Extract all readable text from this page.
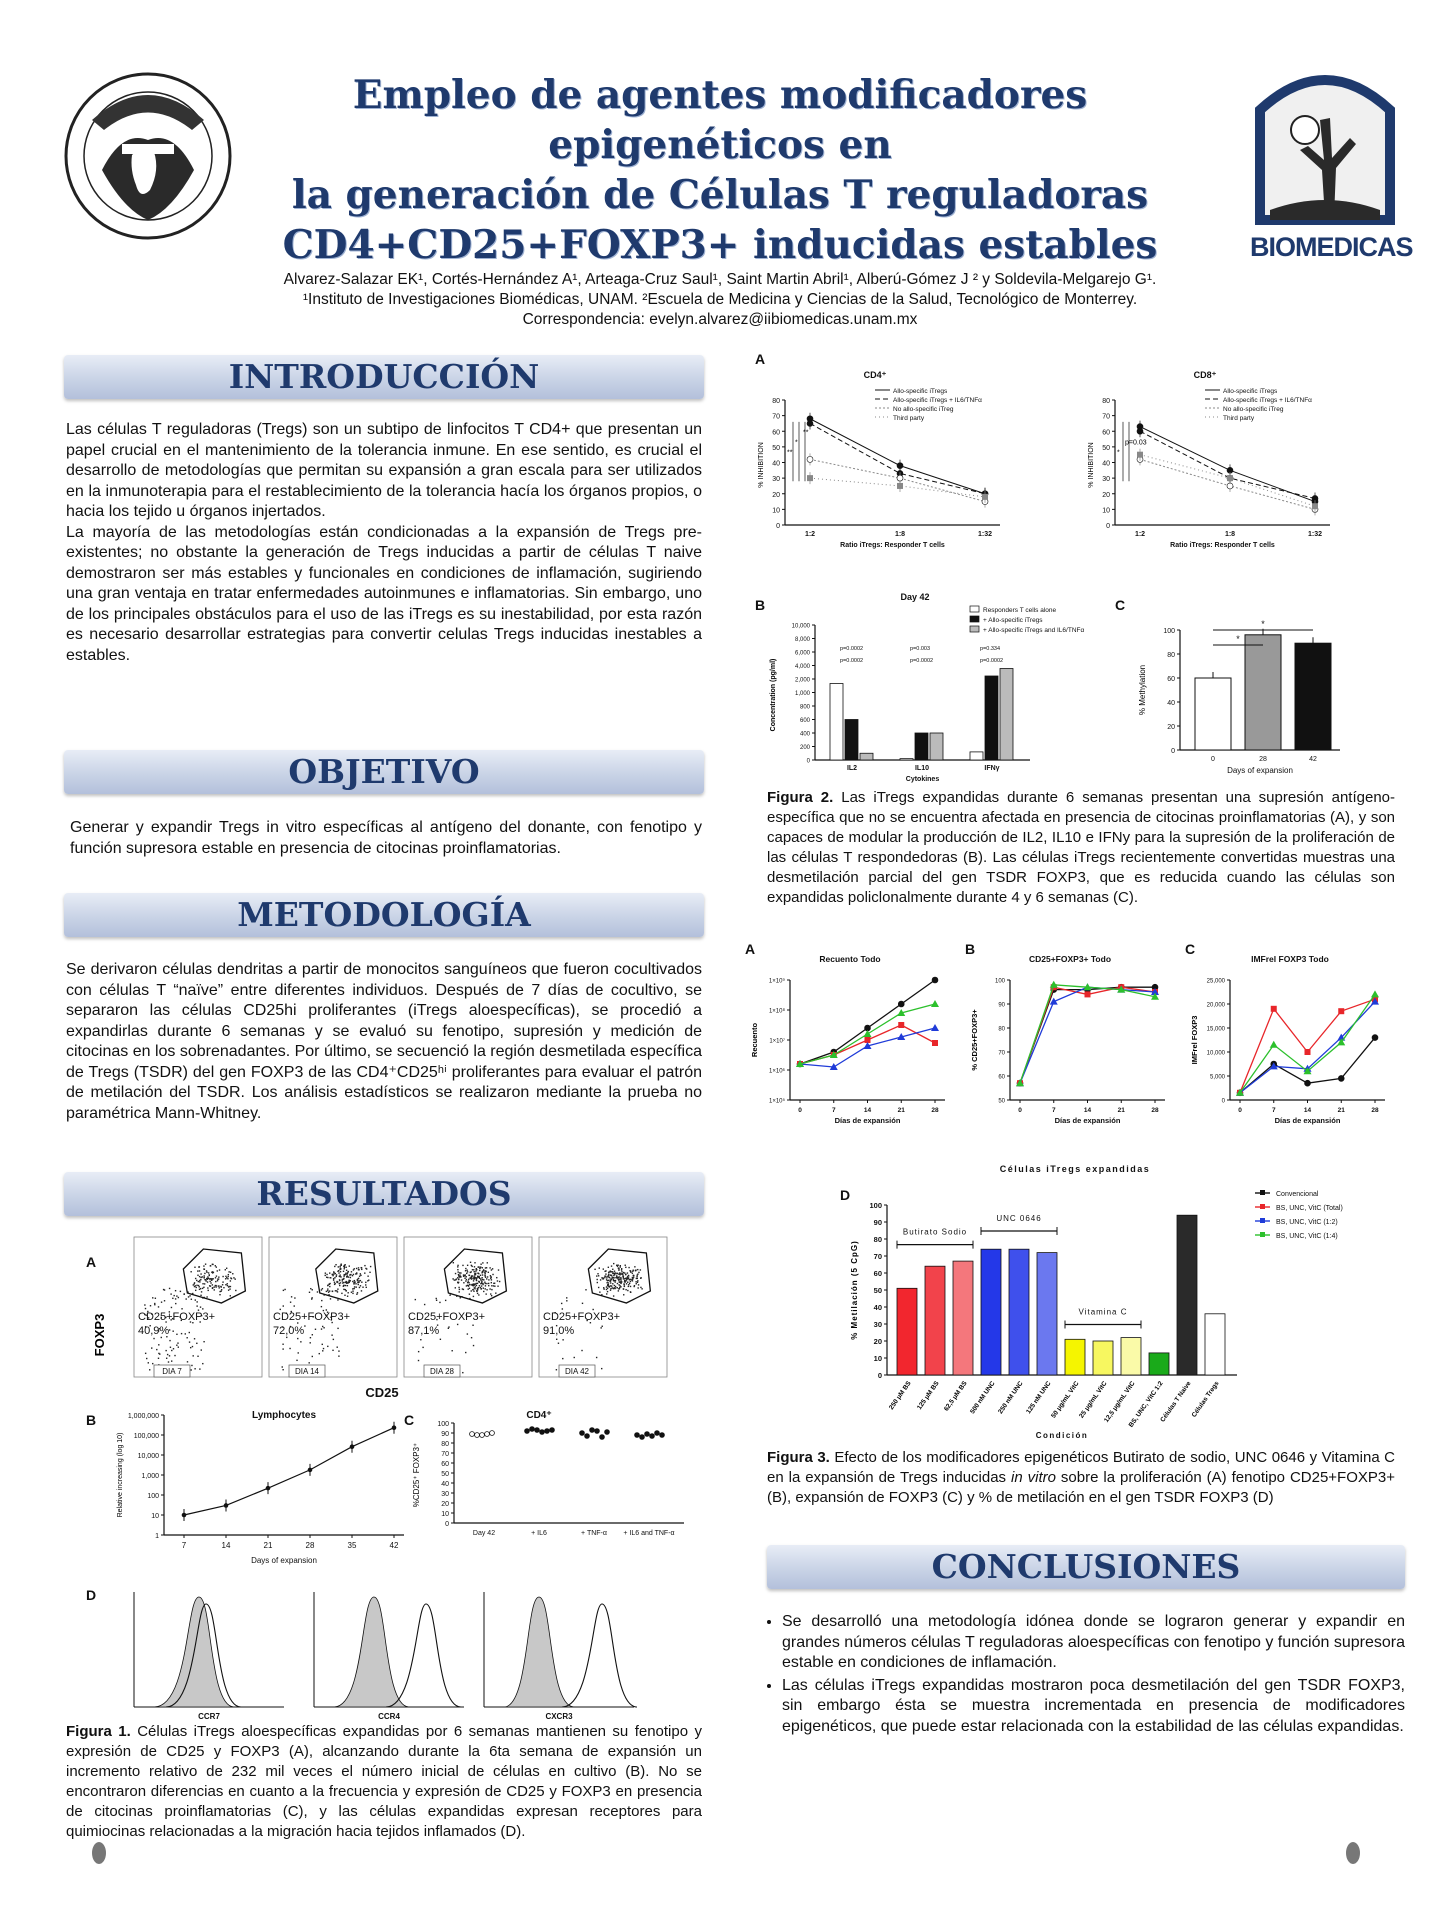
Empleo de agentes modificadores epigenéticos en
la generación de Células T reguladoras
CD4+CD25+FOXP3+ inducidas estables	BIOMEDICAS
Alvarez-Salazar EK¹, Cortés-Hernández A¹, Arteaga-Cruz Saul¹, Saint Martin Abril¹, Alberú-Gómez J ² y Soldevila-Melgarejo G¹.
¹Instituto de Investigaciones Biomédicas, UNAM. ²Escuela de Medicina y Ciencias de la Salud, Tecnológico de Monterrey.
Correspondencia: evelyn.alvarez@iibiomedicas.unam.mx
INTRODUCCIÓN
Las células T reguladoras (Tregs) son un subtipo de linfocitos T CD4+ que presentan un papel crucial en el mantenimiento de la tolerancia inmune. En ese sentido, es crucial el desarrollo de metodologías que permitan su expansión a gran escala para ser utilizados en la inmunoterapia para el restablecimiento de la tolerancia hacía los órganos propios, o hacia los tejido u órganos injertados.
La mayoría de las metodologías están condicionadas a la expansión de Tregs pre-existentes; no obstante la generación de Tregs inducidas a partir de células T naive demostraron ser más estables y funcionales en condiciones de inflamación, sugiriendo una gran ventaja en tratar enfermedades autoinmunes e inflamatorias. Sin embargo, uno de los principales obstáculos para el uso de las iTregs es su inestabilidad, por esta razón es necesario desarrollar estrategias para convertir celulas Tregs inducidas inestables a estables.
OBJETIVO
Generar y expandir Tregs in vitro específicas al antígeno del donante, con fenotipo y función supresora estable en presencia de citocinas proinflamatorias.
METODOLOGÍA
Se derivaron células dendritas a partir de monocitos sanguíneos que fueron cocultivados con células T “naïve” entre diferentes individuos. Después de 7 días de cocultivo, se separaron las células CD25hi proliferantes (iTregs aloespecíficas), se procedió a expandirlas durante 6 semanas y se evaluó su fenotipo, supresión y medición de citocinas en los sobrenadantes. Por último, se secuenció la región desmetilada específica de Tregs (TSDR) del gen FOXP3 de las CD4⁺CD25ʰⁱ proliferantes para evaluar el patrón de metilación del TSDR. Los análisis estadísticos se realizaron mediante la prueba no paramétrica Mann-Whitney.
RESULTADOS
A
FOXP3
CD25
CD25+FOXP3+
40,9%
DIA 7
CD25+FOXP3+
72,0%
DIA 14
CD25+FOXP3+
87,1%
DIA 28
CD25+FOXP3+
91,0%
DIA 42
B	Lymphocytes
1
10
100
1,000
10,000
100,000
1,000,000
7	14	21	28	35	42
Days of expansion
Relative increasing (log 10)
C	CD4⁺
0
10
20
30
40
50
60
70
80
90
100
%CD25⁺ FOXP3⁺
Day 42	+ IL6	+ TNF-α + IL6 and TNF-α
D
CCR7	CCR4	CXCR3
Figura 1. Células iTregs aloespecíficas expandidas por 6 semanas mantienen su fenotipo y expresión de CD25 y FOXP3 (A), alcanzando durante la 6ta semana de expansión un incremento relativo de 232 mil veces el número inicial de células en cultivo (B). No se encontraron diferencias en cuanto a la frecuencia y expresión de CD25 y FOXP3 en presencia de citocinas proinflamatorias (C), y las células expandidas expresan receptores para quimiocinas relacionadas a la migración hacia tejidos inflamados (D).
A
CD4⁺
0
10
20
30
40
50
60
70
80
% INHIBITION
1:2	1:8	1:32
Ratio iTregs: Responder T cells
Allo-specific iTregs
Allo-specific iTregs + IL6/TNFα
No allo-specific iTreg
Third party
**
*
**
CD8⁺
0
10
20
30
40
50
60
70
80
% INHIBITION
1:2	1:8	1:32
Ratio iTregs: Responder T cells
Allo-specific iTregs
Allo-specific iTregs + IL6/TNFα
No allo-specific iTreg
Third party
*
p=0.03
B	Day 42
0
200
400
600
800
1,000
2,000
4,000
6,000
8,000
10,000
Concentration (pg/ml)
IL2	IL10	IFNγ
Cytokines
p=0.0002
p=0.0002
p=0.003
p=0.0002
p=0.334
p=0.0002
Responders T cells alone
+ Allo-specific iTregs
+ Allo-specific iTregs and IL6/TNFα
C
0
20
40
60
80
100
% Methylation
0	28	42
Days of expansion
*
*
Figura 2. Las iTregs expandidas durante 6 semanas presentan una supresión antígeno-específica que no se encuentra afectada en presencia de citocinas proinflamatorias (A), y son capaces de modular la producción de IL2, IL10 e IFNy para la supresión de la proliferación de las células T respondedoras (B). Las células iTregs recientemente convertidas muestras una desmetilación parcial del gen TSDR FOXP3, que es reducida cuando las células son expandidas policlonalmente durante 4 y 6 semanas (C).
A
Recuento Todo
1×10⁵
1×10⁶
1×10⁷
1×10⁸
1×10⁹
Recuento
0	7	14	21	28
Días de expansión
B
CD25+FOXP3+ Todo
50
60
70
80
90
100
% CD25+FOXP3+
0	7	14	21	28
Días de expansión
C
IMFrel FOXP3 Todo
0
5,000
10,000
15,000
20,000
25,000
IMFrel FOXP3
0	7	14	21	28
Días de expansión
D
Células iTregs expandidas
0
10
20
30
40
50
60
70
80
90
100
% Metilación (5 CpG)
250 μM BS 125 μM BS 62,5 μM BS 500 nM UNC 250 nM UNC 125 nM UNC
50 μg/mL VitC
25 μg/mL VitC
12,5 μg/mL VitC
BS, UNC, VitC 1:2
Células T Naive
Células Tregs
Condición
Butirato Sodio
UNC 0646
Vitamina C
Convencional
BS, UNC, VitC (Total)
BS, UNC, VitC (1:2)
BS, UNC, VitC (1:4)
Figura 3. Efecto de los modificadores epigenéticos Butirato de sodio, UNC 0646 y Vitamina C en la expansión de Tregs inducidas in vitro sobre la proliferación (A) fenotipo CD25+FOXP3+ (B), expansión de FOXP3 (C) y % de metilación en el gen TSDR FOXP3 (D)
CONCLUSIONES
• Se desarrolló una metodología idónea donde se lograron generar y expandir en grandes números células T reguladoras aloespecíficas con fenotipo y función supresora estable en condiciones de inflamación.
• Las células iTregs expandidas mostraron poca desmetilación del gen TSDR FOXP3, sin embargo ésta se muestra incrementada en presencia de modificadores epigenéticos, que puede estar relacionada con la estabilidad de las células expandidas.
